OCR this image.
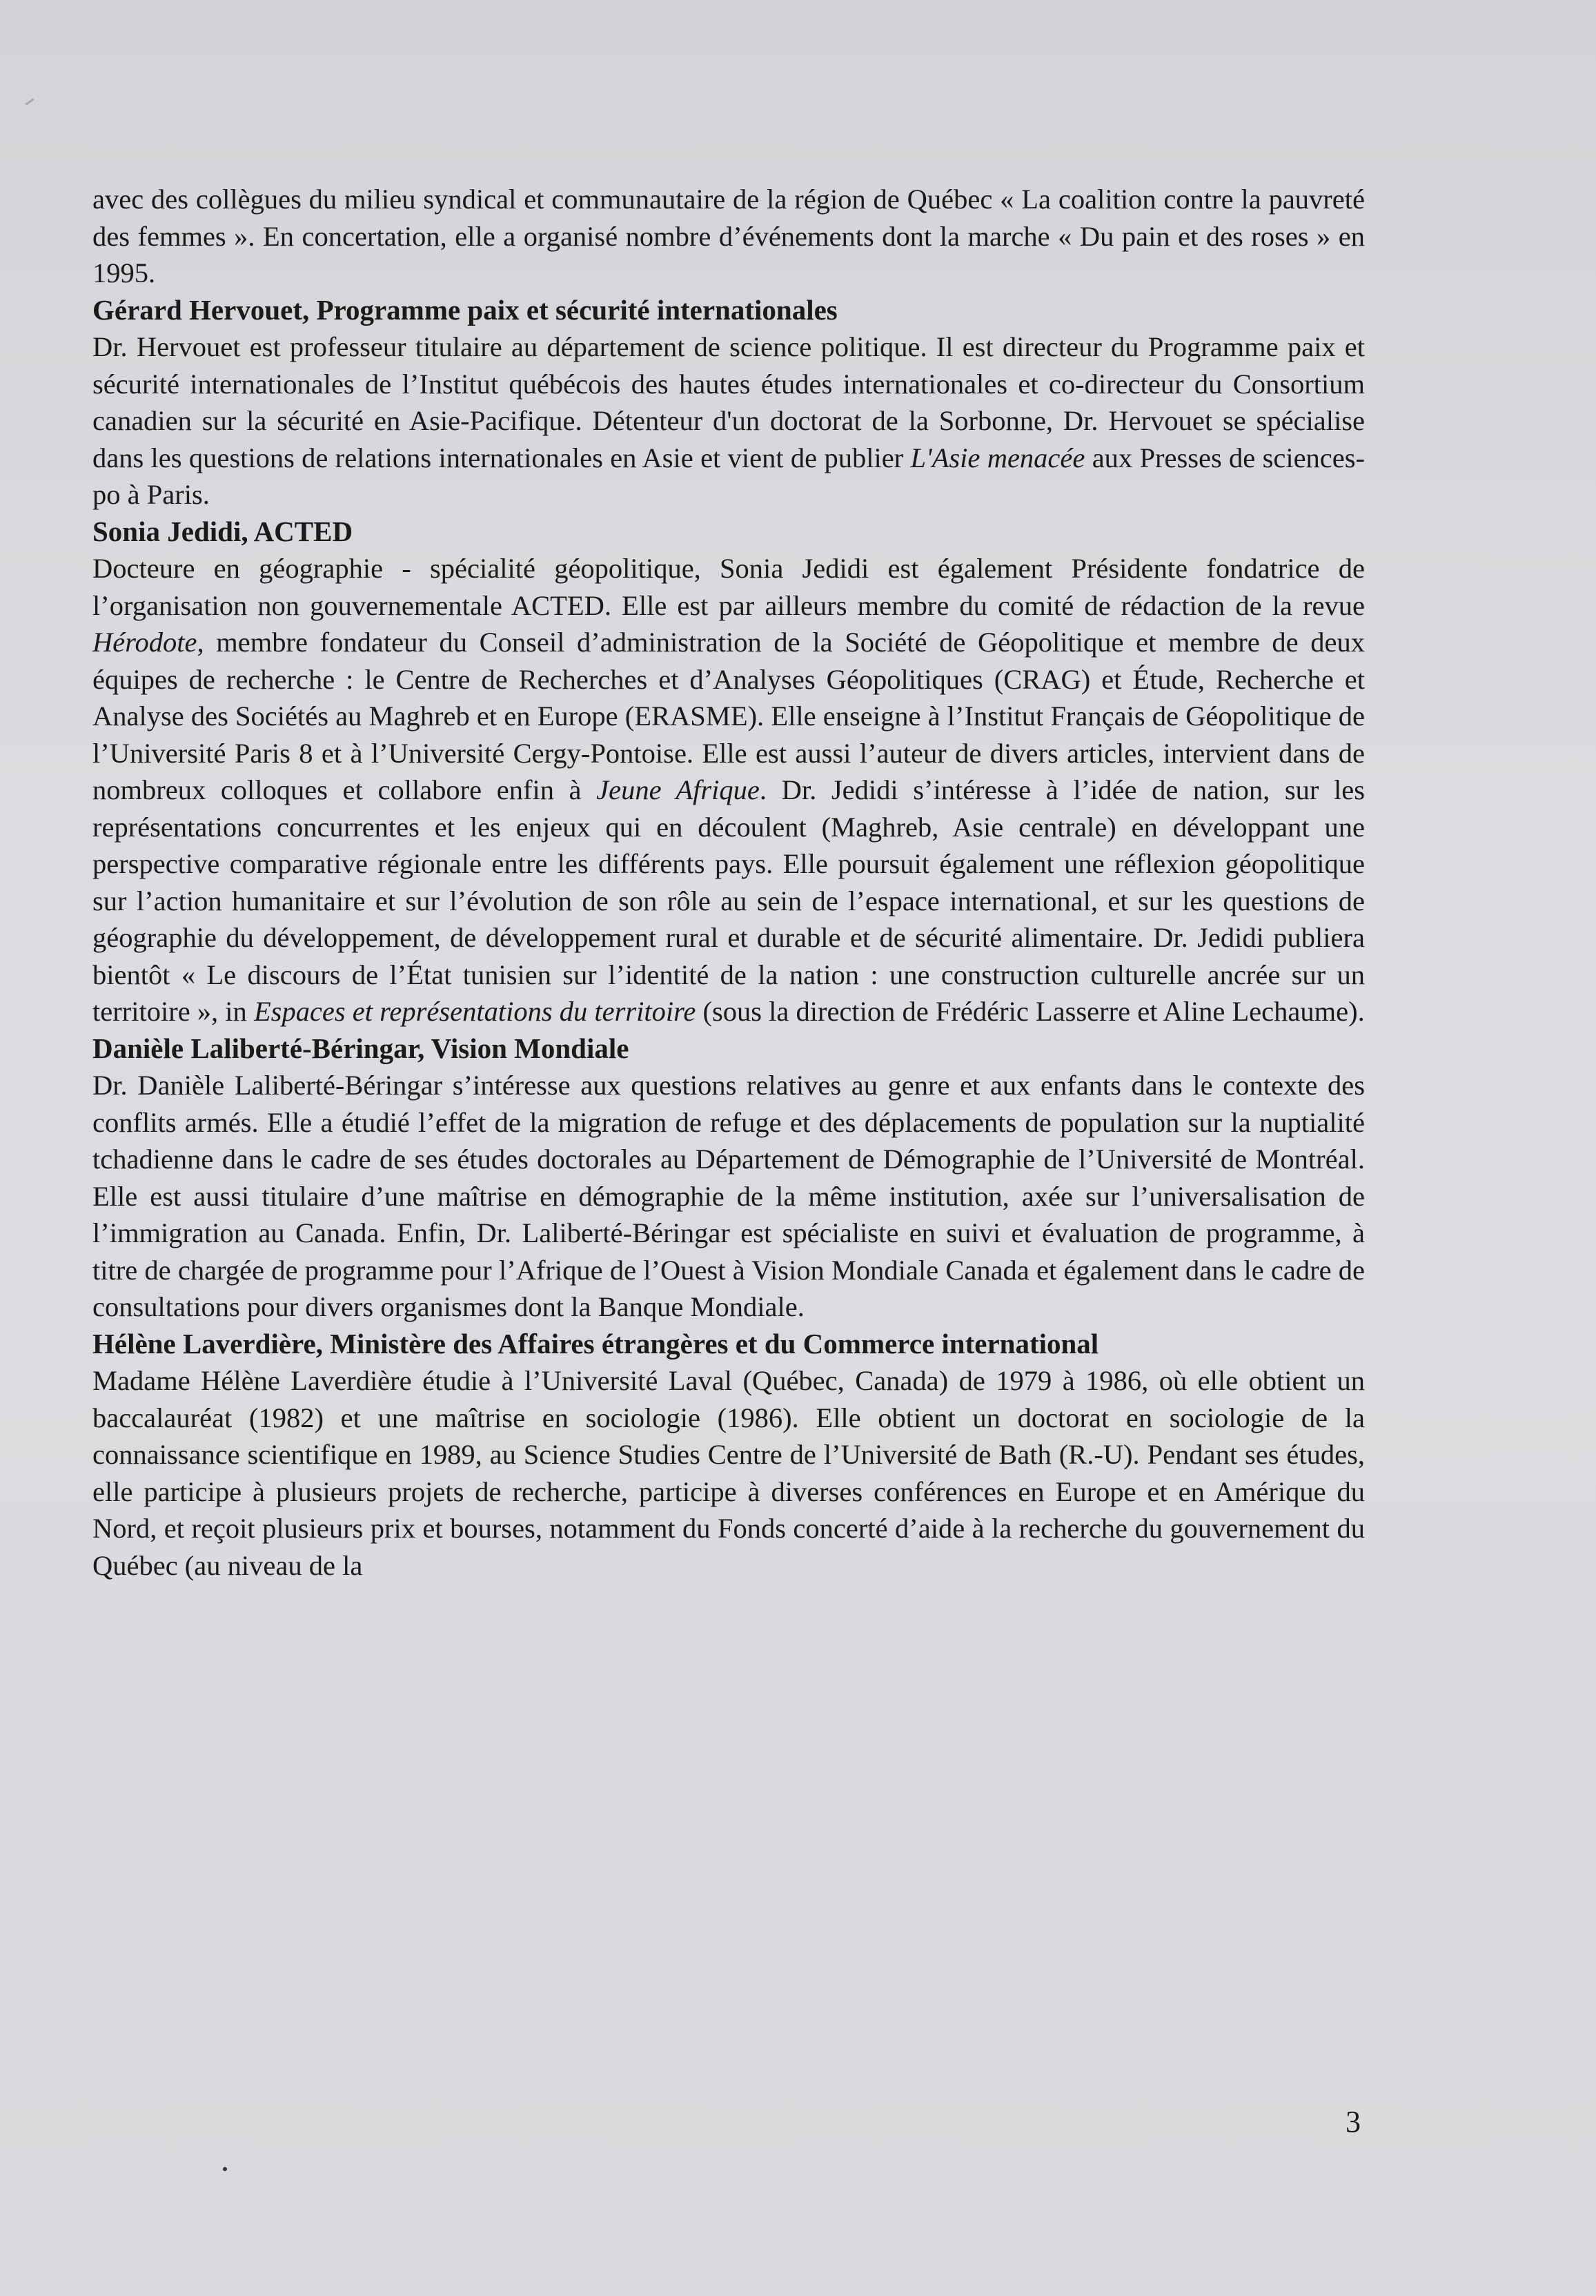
avec des collègues du milieu syndical et communautaire de la région de Québec « La coalition contre la pauvreté des femmes ». En concertation, elle a organisé nombre d’événements dont la marche « Du pain et des roses » en 1995.

Gérard Hervouet, Programme paix et sécurité internationales

Dr. Hervouet est professeur titulaire au département de science politique. Il est directeur du Programme paix et sécurité internationales de l’Institut québécois des hautes études internationales et co-directeur du Consortium canadien sur la sécurité en Asie-Pacifique. Détenteur d'un doctorat de la Sorbonne, Dr. Hervouet se spécialise dans les questions de relations internationales en Asie et vient de publier L'Asie menacée aux Presses de sciences-po à Paris.

Sonia Jedidi, ACTED

Docteure en géographie - spécialité géopolitique, Sonia Jedidi est également Présidente fondatrice de l’organisation non gouvernementale ACTED. Elle est par ailleurs membre du comité de rédaction de la revue Hérodote, membre fondateur du Conseil d’administration de la Société de Géopolitique et membre de deux équipes de recherche : le Centre de Recherches et d’Analyses Géopolitiques (CRAG) et Étude, Recherche et Analyse des Sociétés au Maghreb et en Europe (ERASME). Elle enseigne à l’Institut Français de Géopolitique de l’Université Paris 8 et à l’Université Cergy-Pontoise. Elle est aussi l’auteur de divers articles, intervient dans de nombreux colloques et collabore enfin à Jeune Afrique. Dr. Jedidi s’intéresse à l’idée de nation, sur les représentations concurrentes et les enjeux qui en découlent (Maghreb, Asie centrale) en développant une perspective comparative régionale entre les différents pays. Elle poursuit également une réflexion géopolitique sur l’action humanitaire et sur l’évolution de son rôle au sein de l’espace international, et sur les questions de géographie du développement, de développement rural et durable et de sécurité alimentaire. Dr. Jedidi publiera bientôt « Le discours de l’État tunisien sur l’identité de la nation : une construction culturelle ancrée sur un territoire », in Espaces et représentations du territoire (sous la direction de Frédéric Lasserre et Aline Lechaume).

Danièle Laliberté-Béringar, Vision Mondiale

Dr. Danièle Laliberté-Béringar s’intéresse aux questions relatives au genre et aux enfants dans le contexte des conflits armés. Elle a étudié l’effet de la migration de refuge et des déplacements de population sur la nuptialité tchadienne dans le cadre de ses études doctorales au Département de Démographie de l’Université de Montréal. Elle est aussi titulaire d’une maîtrise en démographie de la même institution, axée sur l’universalisation de l’immigration au Canada. Enfin, Dr. Laliberté-Béringar est spécialiste en suivi et évaluation de programme, à titre de chargée de programme pour l’Afrique de l’Ouest à Vision Mondiale Canada et également dans le cadre de consultations pour divers organismes dont la Banque Mondiale.

Hélène Laverdière, Ministère des Affaires étrangères et du Commerce international

Madame Hélène Laverdière étudie à l’Université Laval (Québec, Canada) de 1979 à 1986, où elle obtient un baccalauréat (1982) et une maîtrise en sociologie (1986). Elle obtient un doctorat en sociologie de la connaissance scientifique en 1989, au Science Studies Centre de l’Université de Bath (R.-U). Pendant ses études, elle participe à plusieurs projets de recherche, participe à diverses conférences en Europe et en Amérique du Nord, et reçoit plusieurs prix et bourses, notamment du Fonds concerté d’aide à la recherche du gouvernement du Québec (au niveau de la

3
